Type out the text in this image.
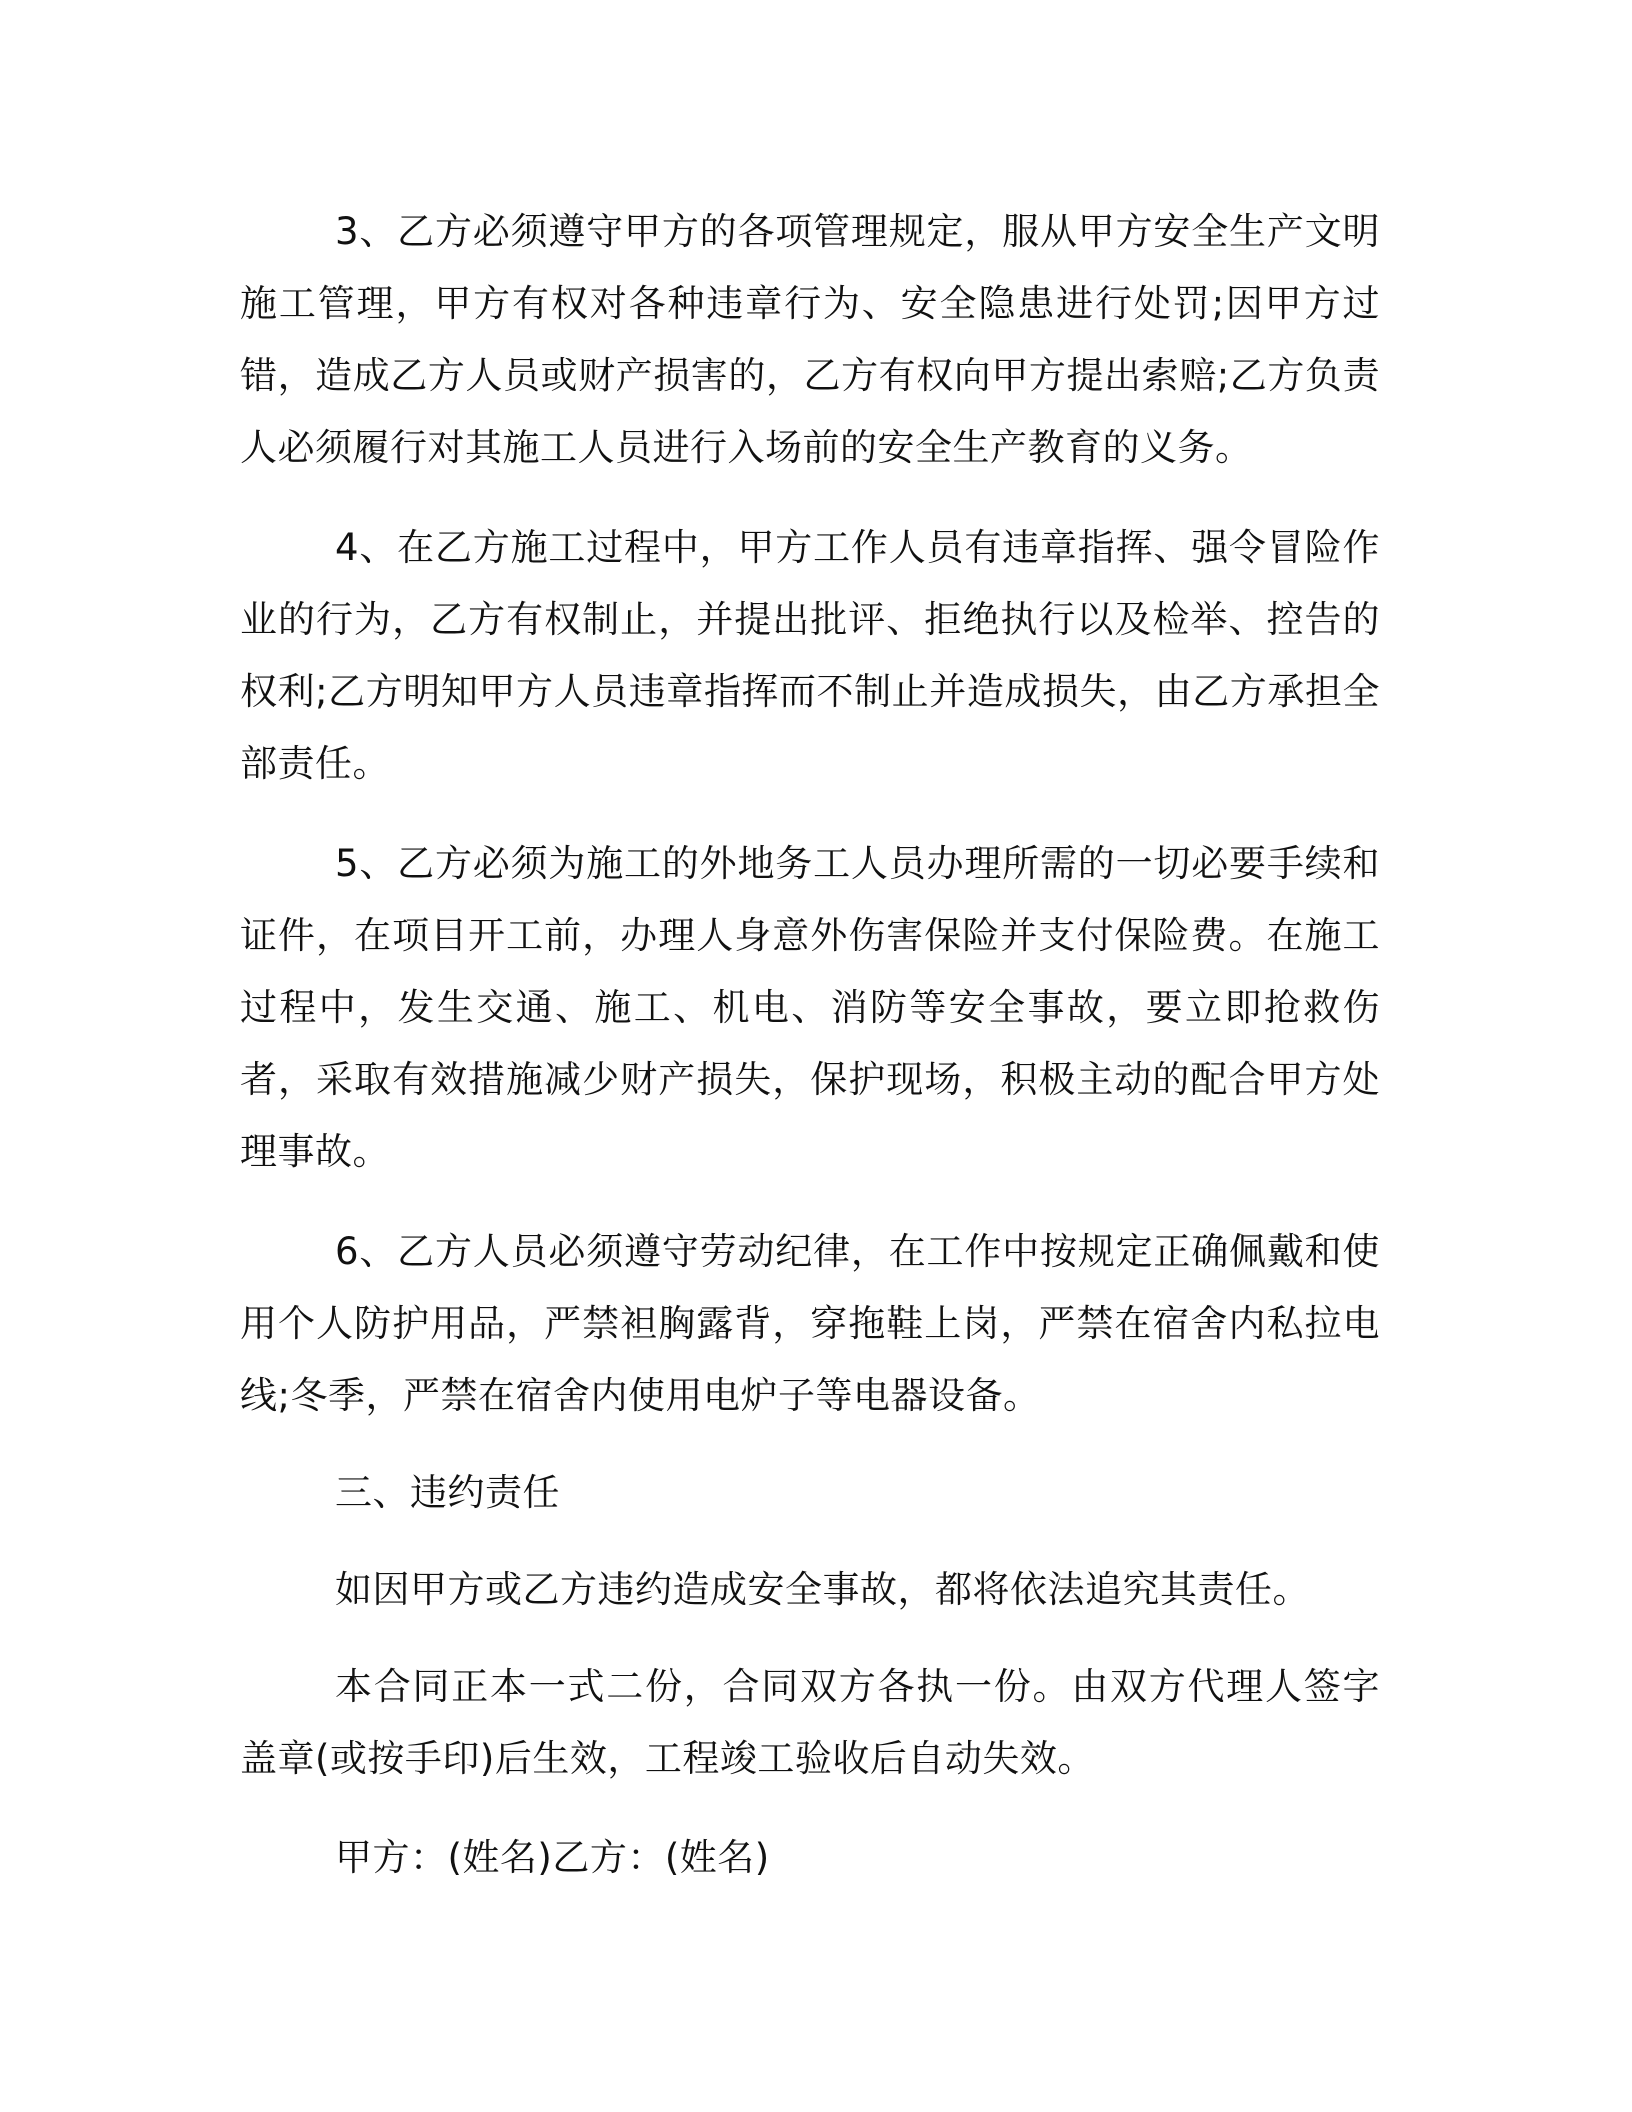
3、乙方必须遵守甲方的各项管理规定，服从甲方安全生产文明施工管理，甲方有权对各种违章行为、安全隐患进行处罚;因甲方过错，造成乙方人员或财产损害的，乙方有权向甲方提出索赔;乙方负责人必须履行对其施工人员进行入场前的安全生产教育的义务。

4、在乙方施工过程中，甲方工作人员有违章指挥、强令冒险作业的行为，乙方有权制止，并提出批评、拒绝执行以及检举、控告的权利;乙方明知甲方人员违章指挥而不制止并造成损失，由乙方承担全部责任。

5、乙方必须为施工的外地务工人员办理所需的一切必要手续和证件，在项目开工前，办理人身意外伤害保险并支付保险费。在施工过程中，发生交通、施工、机电、消防等安全事故，要立即抢救伤者，采取有效措施减少财产损失，保护现场，积极主动的配合甲方处理事故。

6、乙方人员必须遵守劳动纪律，在工作中按规定正确佩戴和使用个人防护用品，严禁袒胸露背，穿拖鞋上岗，严禁在宿舍内私拉电线;冬季，严禁在宿舍内使用电炉子等电器设备。

三、违约责任

如因甲方或乙方违约造成安全事故，都将依法追究其责任。

本合同正本一式二份，合同双方各执一份。由双方代理人签字盖章(或按手印)后生效，工程竣工验收后自动失效。

甲方：(姓名)乙方：(姓名)
